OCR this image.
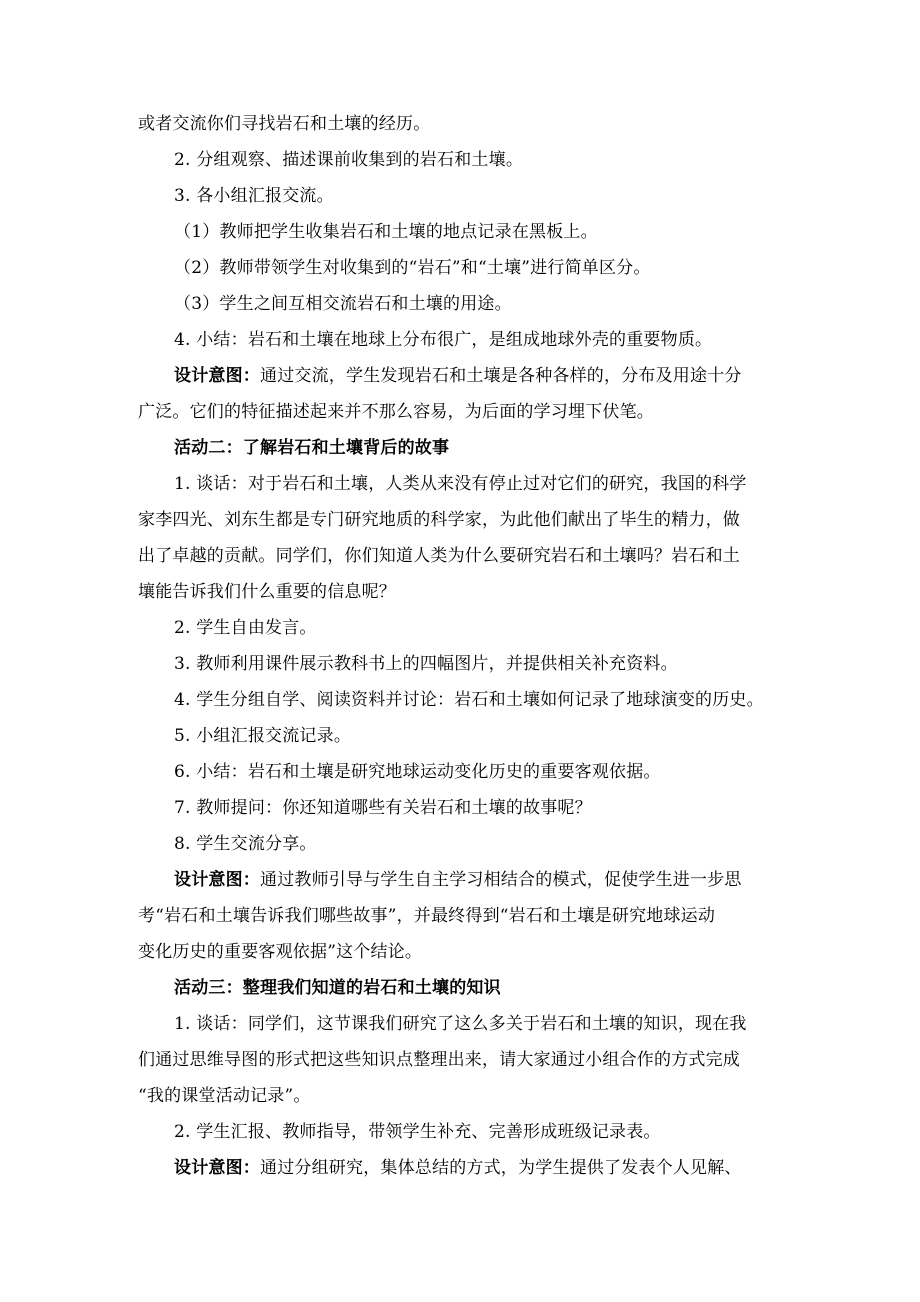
或者交流你们寻找岩石和土壤的经历。
2. 分组观察、描述课前收集到的岩石和土壤。
3. 各小组汇报交流。
（1）教师把学生收集岩石和土壤的地点记录在黑板上。
（2）教师带领学生对收集到的“岩石”和“土壤”进行简单区分。
（3）学生之间互相交流岩石和土壤的用途。
4. 小结：岩石和土壤在地球上分布很广，是组成地球外壳的重要物质。
设计意图：通过交流，学生发现岩石和土壤是各种各样的，分布及用途十分
广泛。它们的特征描述起来并不那么容易，为后面的学习埋下伏笔。
活动二：了解岩石和土壤背后的故事
1. 谈话：对于岩石和土壤，人类从来没有停止过对它们的研究，我国的科学
家李四光、刘东生都是专门研究地质的科学家，为此他们献出了毕生的精力，做
出了卓越的贡献。同学们，你们知道人类为什么要研究岩石和土壤吗？岩石和土
壤能告诉我们什么重要的信息呢？
2. 学生自由发言。
3. 教师利用课件展示教科书上的四幅图片，并提供相关补充资料。
4. 学生分组自学、阅读资料并讨论：岩石和土壤如何记录了地球演变的历史。
5. 小组汇报交流记录。
6. 小结：岩石和土壤是研究地球运动变化历史的重要客观依据。
7. 教师提问：你还知道哪些有关岩石和土壤的故事呢？
8. 学生交流分享。
设计意图：通过教师引导与学生自主学习相结合的模式，促使学生进一步思
考“岩石和土壤告诉我们哪些故事”，并最终得到“岩石和土壤是研究地球运动
变化历史的重要客观依据”这个结论。
活动三：整理我们知道的岩石和土壤的知识
1. 谈话：同学们，这节课我们研究了这么多关于岩石和土壤的知识，现在我
们通过思维导图的形式把这些知识点整理出来，请大家通过小组合作的方式完成
“我的课堂活动记录”。
2. 学生汇报、教师指导，带领学生补充、完善形成班级记录表。
设计意图：通过分组研究，集体总结的方式，为学生提供了发表个人见解、
